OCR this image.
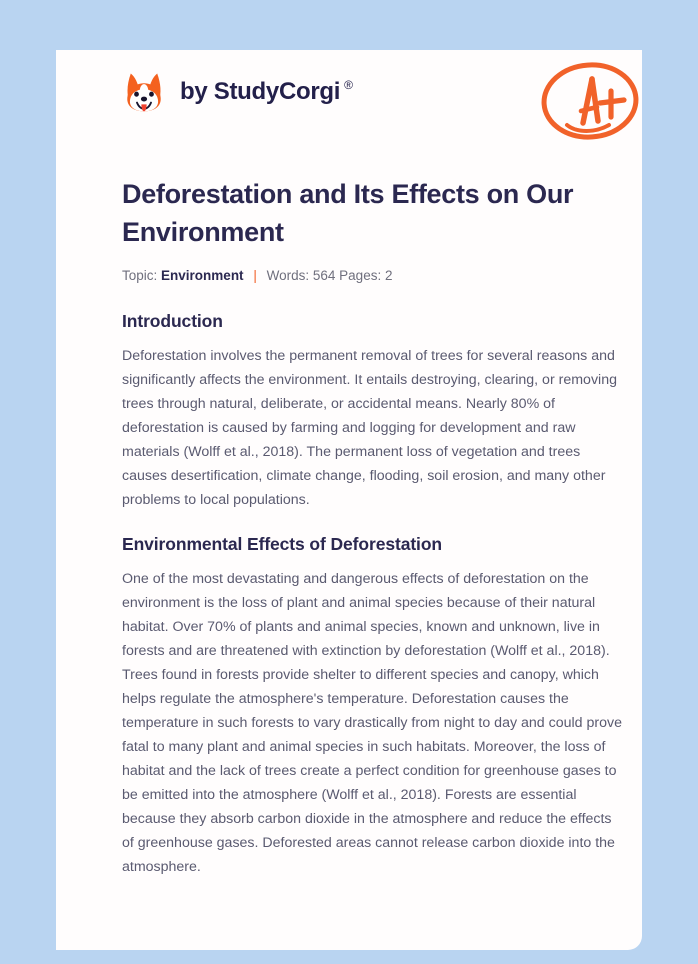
by StudyCorgi ®
Deforestation and Its Effects on Our Environment
Topic: Environment | Words: 564 Pages: 2
Introduction

Deforestation involves the permanent removal of trees for several reasons and significantly affects the environment. It entails destroying, clearing, or removing trees through natural, deliberate, or accidental means. Nearly 80% of deforestation is caused by farming and logging for development and raw materials (Wolff et al., 2018). The permanent loss of vegetation and trees causes desertification, climate change, flooding, soil erosion, and many other problems to local populations.

Environmental Effects of Deforestation

One of the most devastating and dangerous effects of deforestation on the environment is the loss of plant and animal species because of their natural habitat. Over 70% of plants and animal species, known and unknown, live in forests and are threatened with extinction by deforestation (Wolff et al., 2018). Trees found in forests provide shelter to different species and canopy, which helps regulate the atmosphere's temperature. Deforestation causes the temperature in such forests to vary drastically from night to day and could prove fatal to many plant and animal species in such habitats. Moreover, the loss of habitat and the lack of trees create a perfect condition for greenhouse gases to be emitted into the atmosphere (Wolff et al., 2018). Forests are essential because they absorb carbon dioxide in the atmosphere and reduce the effects of greenhouse gases. Deforested areas cannot release carbon dioxide into the atmosphere.
